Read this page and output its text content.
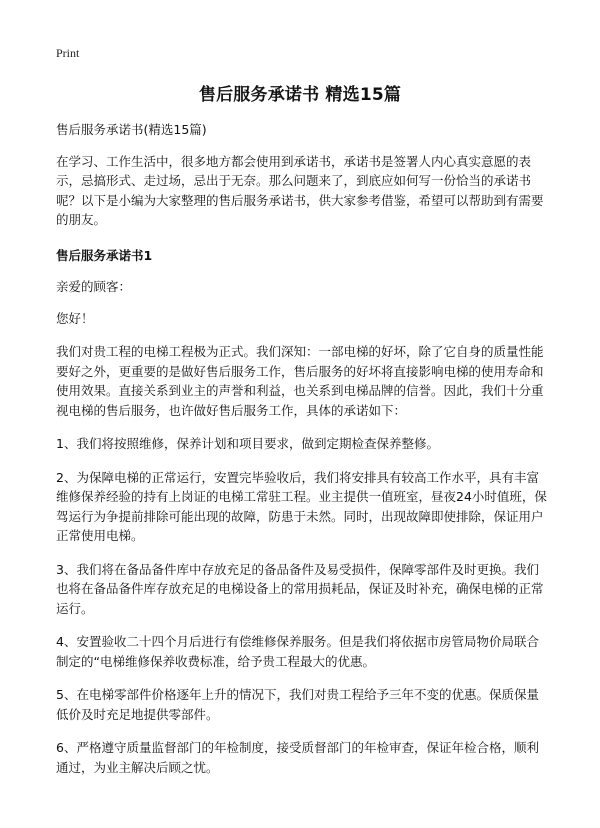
Print
售后服务承诺书 精选15篇

售后服务承诺书(精选15篇)

在学习、工作生活中，很多地方都会使用到承诺书，承诺书是签署人内心真实意愿的表示，忌搞形式、走过场，忌出于无奈。那么问题来了，到底应如何写一份恰当的承诺书呢？以下是小编为大家整理的售后服务承诺书，供大家参考借鉴，希望可以帮助到有需要的朋友。

售后服务承诺书1

亲爱的顾客：

您好！

我们对贵工程的电梯工程极为正式。我们深知：一部电梯的好坏，除了它自身的质量性能要好之外，更重要的是做好售后服务工作，售后服务的好坏将直接影响电梯的使用寿命和使用效果。直接关系到业主的声誉和利益，也关系到电梯品牌的信誉。因此，我们十分重视电梯的售后服务，也许做好售后服务工作，具体的承诺如下：

1、我们将按照维修，保养计划和项目要求，做到定期检查保养整修。

2、为保障电梯的正常运行，安置完毕验收后，我们将安排具有较高工作水平，具有丰富维修保养经验的持有上岗证的电梯工常驻工程。业主提供一值班室，昼夜24小时值班，保驾运行为争提前排除可能出现的故障，防患于未然。同时，出现故障即使排除，保证用户正常使用电梯。

3、我们将在备品备件库中存放充足的备品备件及易受损件，保障零部件及时更换。我们也将在备品备件库存放充足的电梯设备上的常用损耗品，保证及时补充，确保电梯的正常运行。

4、安置验收二十四个月后进行有偿维修保养服务。但是我们将依据市房管局物价局联合制定的“电梯维修保养收费标准，给予贵工程最大的优惠。

5、在电梯零部件价格逐年上升的情况下，我们对贵工程给予三年不变的优惠。保质保量低价及时充足地提供零部件。

6、严格遵守质量监督部门的年检制度，接受质督部门的年检审查，保证年检合格，顺利通过，为业主解决后顾之忧。
